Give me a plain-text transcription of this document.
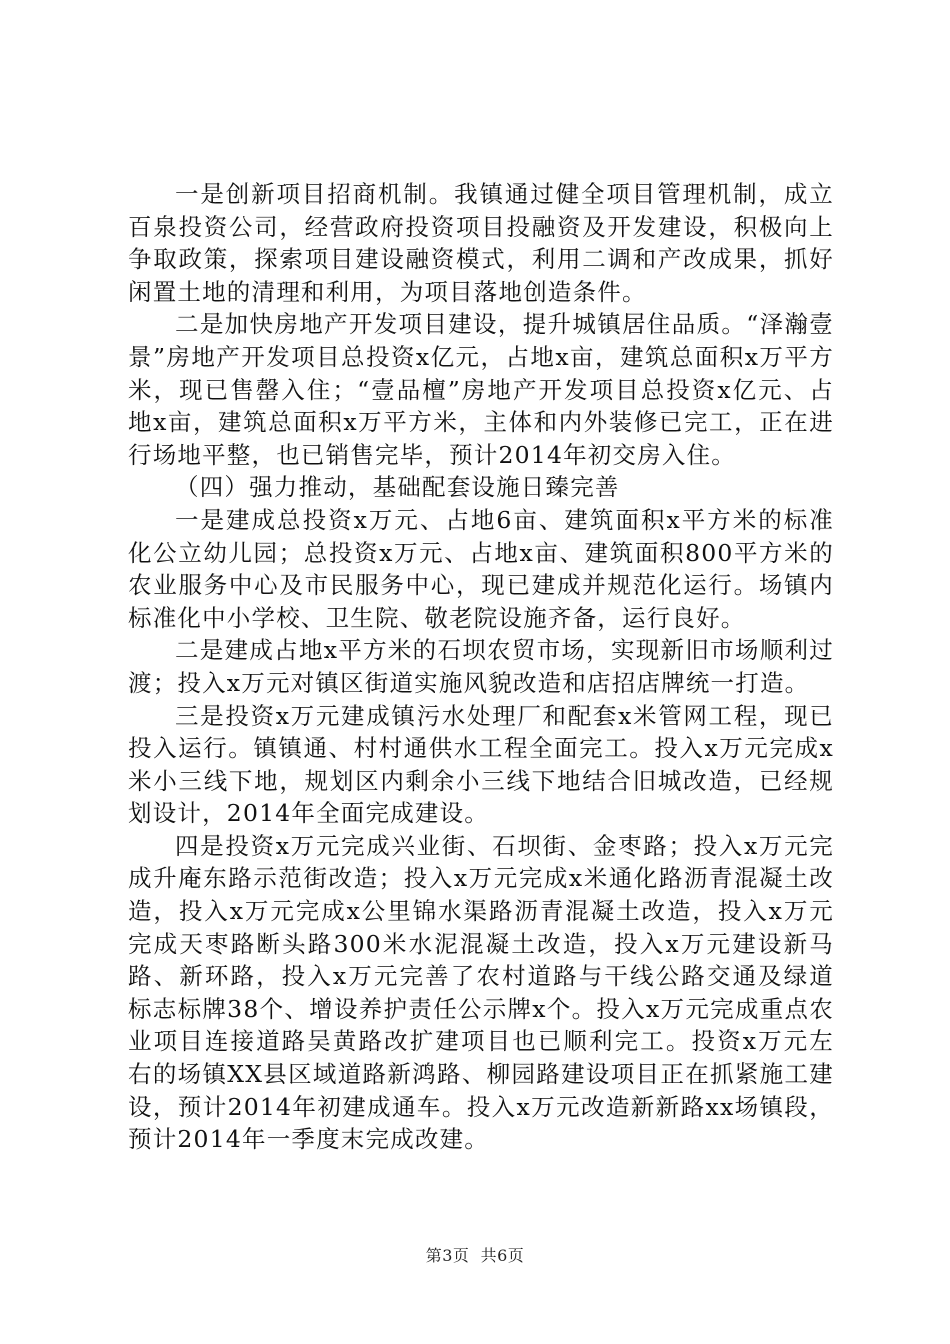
一是创新项目招商机制。我镇通过健全项目管理机制，成立百泉投资公司，经营政府投资项目投融资及开发建设，积极向上争取政策，探索项目建设融资模式，利用二调和产改成果，抓好闲置土地的清理和利用，为项目落地创造条件。

二是加快房地产开发项目建设，提升城镇居住品质。“泽瀚壹景”房地产开发项目总投资x亿元，占地x亩，建筑总面积x万平方米，现已售罄入住；“壹品檀”房地产开发项目总投资x亿元、占地x亩，建筑总面积x万平方米，主体和内外装修已完工，正在进行场地平整，也已销售完毕，预计2014年初交房入住。

（四）强力推动，基础配套设施日臻完善

一是建成总投资x万元、占地6亩、建筑面积x平方米的标准化公立幼儿园；总投资x万元、占地x亩、建筑面积800平方米的农业服务中心及市民服务中心，现已建成并规范化运行。场镇内标准化中小学校、卫生院、敬老院设施齐备，运行良好。

二是建成占地x平方米的石坝农贸市场，实现新旧市场顺利过渡；投入x万元对镇区街道实施风貌改造和店招店牌统一打造。

三是投资x万元建成镇污水处理厂和配套x米管网工程，现已投入运行。镇镇通、村村通供水工程全面完工。投入x万元完成x米小三线下地，规划区内剩余小三线下地结合旧城改造，已经规划设计，2014年全面完成建设。

四是投资x万元完成兴业街、石坝街、金枣路；投入x万元完成升庵东路示范街改造；投入x万元完成x米通化路沥青混凝土改造，投入x万元完成x公里锦水渠路沥青混凝土改造，投入x万元完成天枣路断头路300米水泥混凝土改造，投入x万元建设新马路、新环路，投入x万元完善了农村道路与干线公路交通及绿道标志标牌38个、增设养护责任公示牌x个。投入x万元完成重点农业项目连接道路吴黄路改扩建项目也已顺利完工。投资x万元左右的场镇XX县区域道路新鸿路、柳园路建设项目正在抓紧施工建设，预计2014年初建成通车。投入x万元改造新新路xx场镇段，预计2014年一季度末完成改建。

第3页 共6页
